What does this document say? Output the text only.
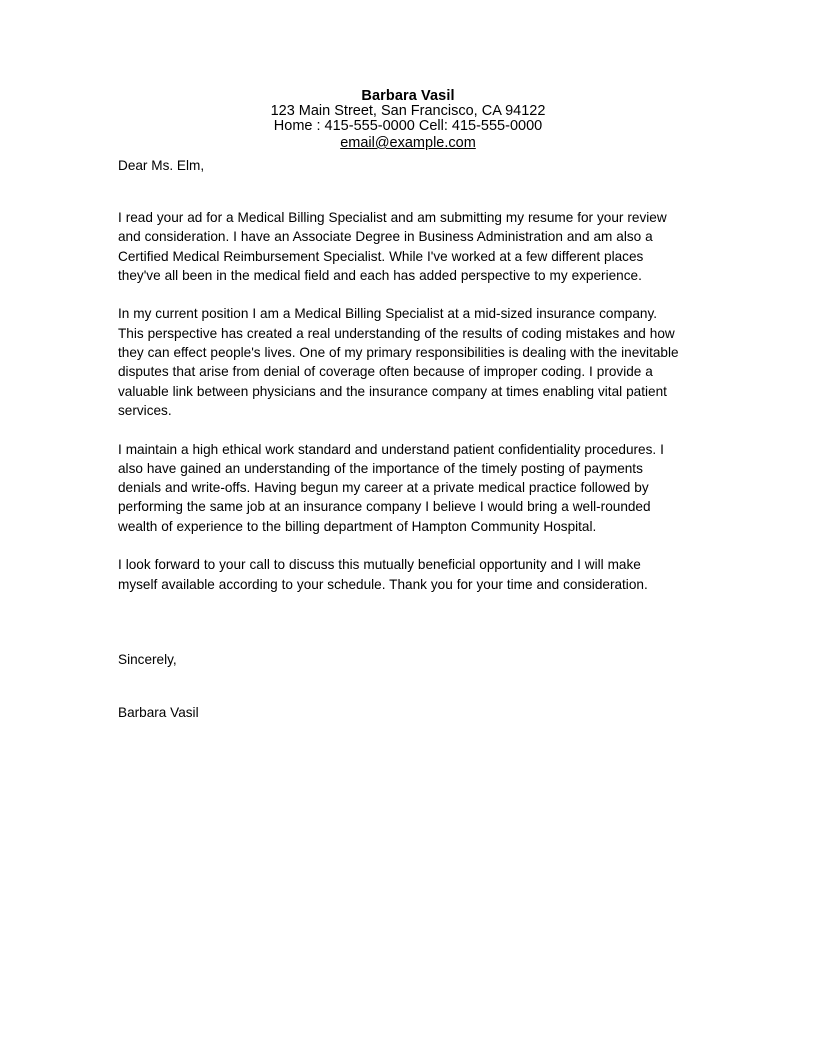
Barbara Vasil
123 Main Street, San Francisco, CA 94122
Home : 415-555-0000 Cell: 415-555-0000
email@example.com
Dear Ms. Elm,

I read your ad for a Medical Billing Specialist and am submitting my resume for your review and consideration. I have an Associate Degree in Business Administration and am also a Certified Medical Reimbursement Specialist. While I've worked at a few different places they've all been in the medical field and each has added perspective to my experience.

In my current position I am a Medical Billing Specialist at a mid-sized insurance company. This perspective has created a real understanding of the results of coding mistakes and how they can effect people's lives. One of my primary responsibilities is dealing with the inevitable disputes that arise from denial of coverage often because of improper coding. I provide a valuable link between physicians and the insurance company at times enabling vital patient services.

I maintain a high ethical work standard and understand patient confidentiality procedures. I also have gained an understanding of the importance of the timely posting of payments denials and write-offs. Having begun my career at a private medical practice followed by performing the same job at an insurance company I believe I would bring a well-rounded wealth of experience to the billing department of Hampton Community Hospital.

I look forward to your call to discuss this mutually beneficial opportunity and I will make myself available according to your schedule. Thank you for your time and consideration.

Sincerely,

Barbara Vasil
